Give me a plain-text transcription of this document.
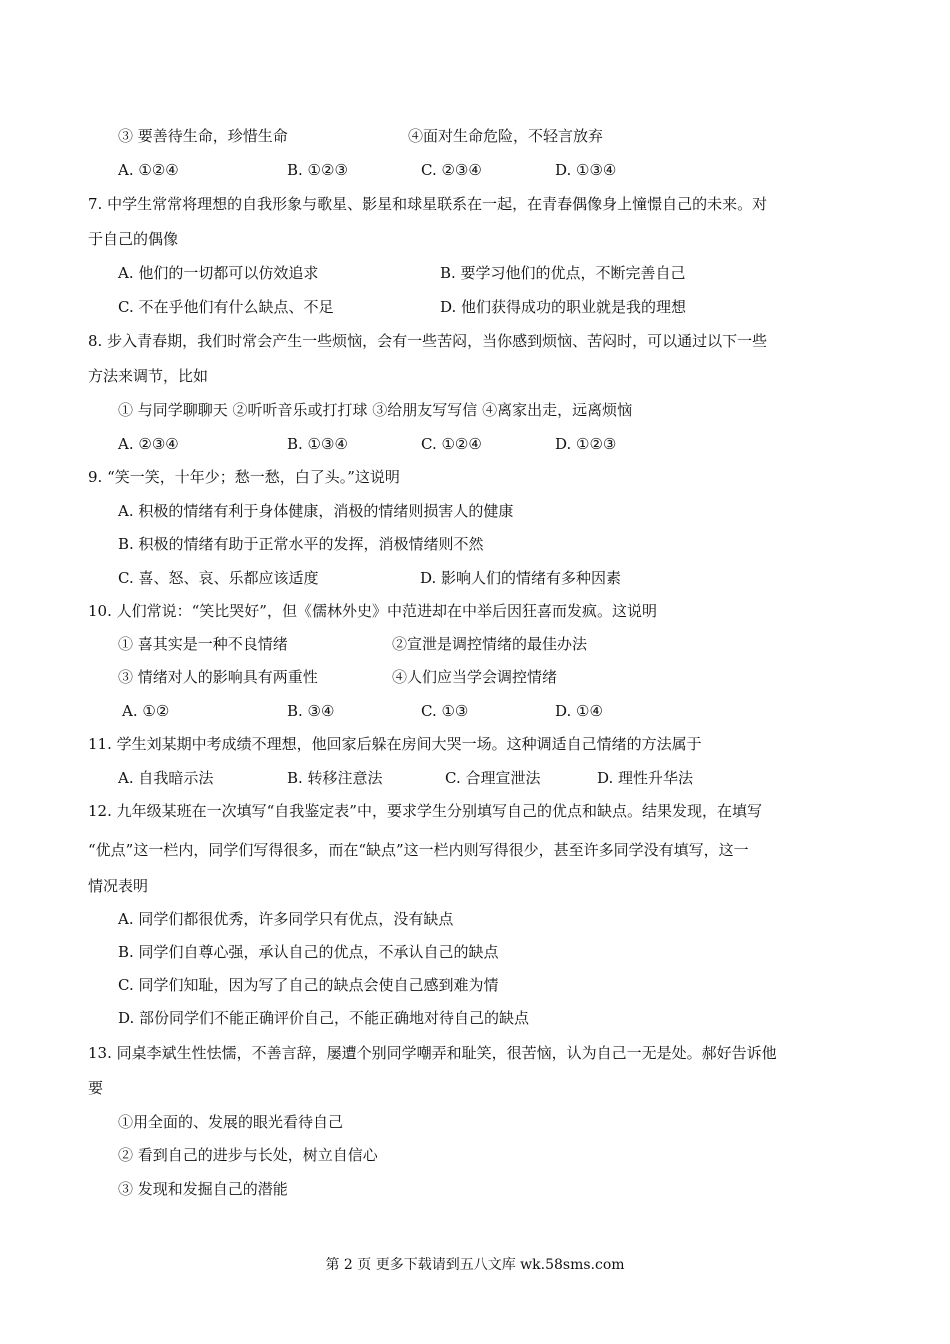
③ 要善待生命，珍惜生命	④面对生命危险，不轻言放弃
A. ①②④	B. ①②③	C. ②③④	D. ①③④
7. 中学生常常将理想的自我形象与歌星、影星和球星联系在一起，在青春偶像身上憧憬自己的未来。对
于自己的偶像
A. 他们的一切都可以仿效追求	B. 要学习他们的优点，不断完善自己
C. 不在乎他们有什么缺点、不足	D. 他们获得成功的职业就是我的理想
8. 步入青春期，我们时常会产生一些烦恼，会有一些苦闷，当你感到烦恼、苦闷时，可以通过以下一些
方法来调节，比如
① 与同学聊聊天 ②听听音乐或打打球 ③给朋友写写信 ④离家出走，远离烦恼
A. ②③④	B. ①③④	C. ①②④	D. ①②③
9. “笑一笑，十年少；愁一愁，白了头。”这说明
A. 积极的情绪有利于身体健康，消极的情绪则损害人的健康
B. 积极的情绪有助于正常水平的发挥，消极情绪则不然
C. 喜、怒、哀、乐都应该适度	D. 影响人们的情绪有多种因素
10. 人们常说：“笑比哭好”，但《儒林外史》中范进却在中举后因狂喜而发疯。这说明
① 喜其实是一种不良情绪	②宣泄是调控情绪的最佳办法
③ 情绪对人的影响具有两重性	④人们应当学会调控情绪
A. ①②	B. ③④	C. ①③	D. ①④
11. 学生刘某期中考成绩不理想，他回家后躲在房间大哭一场。这种调适自己情绪的方法属于
A. 自我暗示法	B. 转移注意法	C. 合理宣泄法	D. 理性升华法
12. 九年级某班在一次填写“自我鉴定表”中，要求学生分别填写自己的优点和缺点。结果发现，在填写
“优点”这一栏内，同学们写得很多，而在“缺点”这一栏内则写得很少，甚至许多同学没有填写，这一
情况表明
A. 同学们都很优秀，许多同学只有优点，没有缺点
B. 同学们自尊心强，承认自己的优点，不承认自己的缺点
C. 同学们知耻，因为写了自己的缺点会使自己感到难为情
D. 部份同学们不能正确评价自己，不能正确地对待自己的缺点
13. 同桌李斌生性怯懦，不善言辞，屡遭个别同学嘲弄和耻笑，很苦恼，认为自己一无是处。郝好告诉他
要
①用全面的、发展的眼光看待自己
② 看到自己的进步与长处，树立自信心
③ 发现和发掘自己的潜能
第 2 页 更多下载请到五八文库 wk.58sms.com
